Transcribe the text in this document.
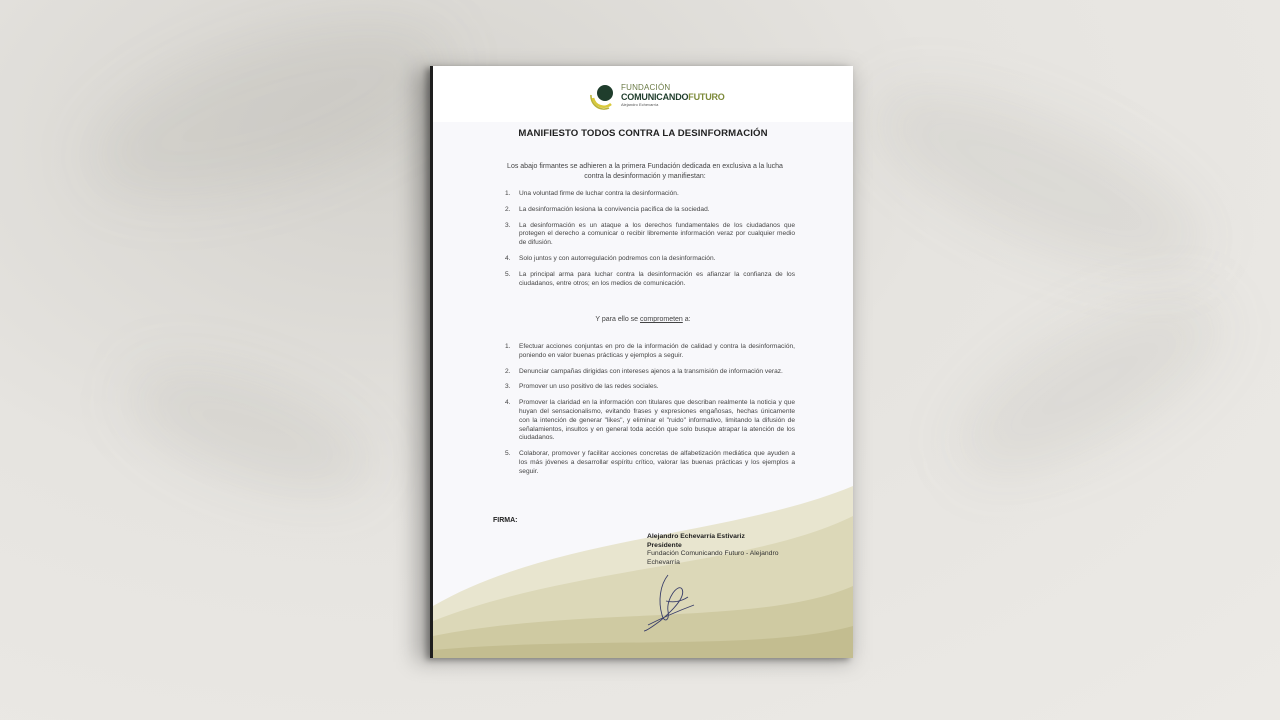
FUNDACIÓN
COMUNICANDOFUTURO
Alejandro Echevarría
MANIFIESTO TODOS CONTRA LA DESINFORMACIÓN
Los abajo firmantes se adhieren a la primera Fundación dedicada en exclusiva a la lucha contra la desinformación y manifiestan:
1. Una voluntad firme de luchar contra la desinformación.
2. La desinformación lesiona la convivencia pacífica de la sociedad.
3. La desinformación es un ataque a los derechos fundamentales de los ciudadanos que protegen el derecho a comunicar o recibir libremente información veraz por cualquier medio de difusión.
4. Solo juntos y con autorregulación podremos con la desinformación.
5. La principal arma para luchar contra la desinformación es afianzar la confianza de los ciudadanos, entre otros; en los medios de comunicación.
Y para ello se comprometen a:
1. Efectuar acciones conjuntas en pro de la información de calidad y contra la desinformación, poniendo en valor buenas prácticas y ejemplos a seguir.
2. Denunciar campañas dirigidas con intereses ajenos a la transmisión de información veraz.
3. Promover un uso positivo de las redes sociales.
4. Promover la claridad en la información con titulares que describan realmente la noticia y que huyan del sensacionalismo, evitando frases y expresiones engañosas, hechas únicamente con la intención de generar "likes", y eliminar el "ruido" informativo, limitando la difusión de señalamientos, insultos y en general toda acción que solo busque atrapar la atención de los ciudadanos.
5. Colaborar, promover y facilitar acciones concretas de alfabetización mediática que ayuden a los más jóvenes a desarrollar espíritu crítico, valorar las buenas prácticas y los ejemplos a seguir.
FIRMA:
Alejandro Echevarría Estivariz
Presidente
Fundación Comunicando Futuro - Alejandro Echevarría
